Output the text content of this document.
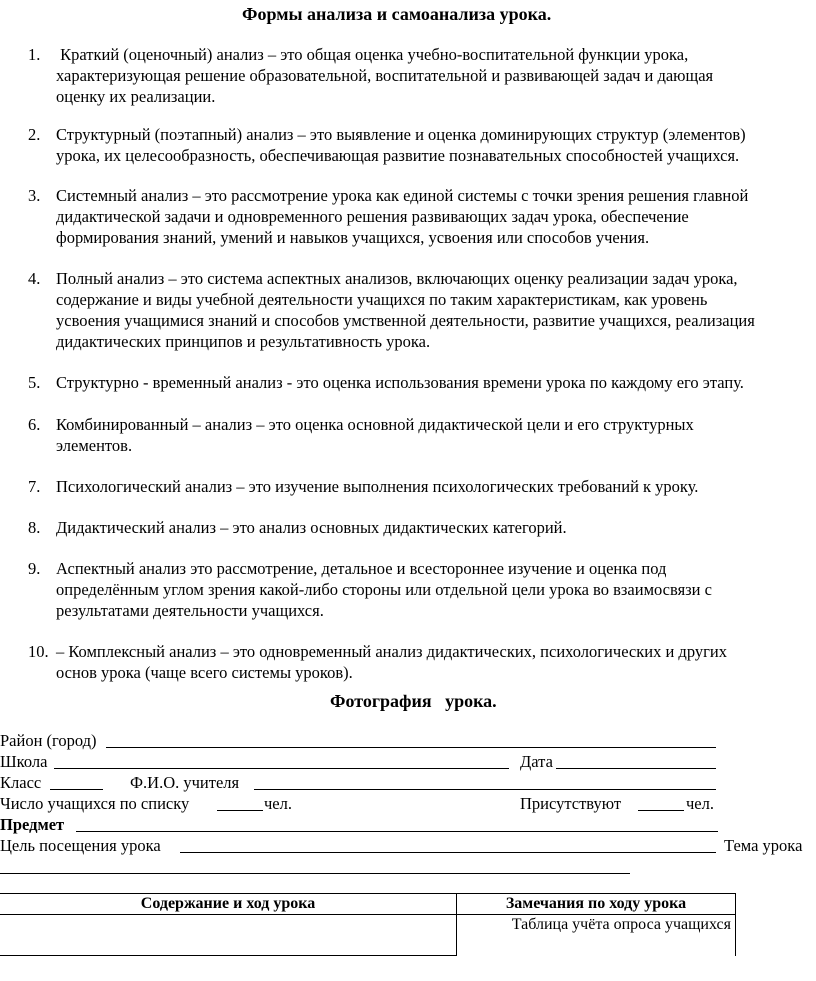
Формы анализа и самоанализа урока.
1. Краткий (оценочный) анализ – это общая оценка учебно-воспитательной функции урока,
характеризующая решение образовательной, воспитательной и развивающей задач и дающая
оценку их реализации.
2. Структурный (поэтапный) анализ – это выявление и оценка доминирующих структур (элементов)
урока, их целесообразность, обеспечивающая развитие познавательных способностей учащихся.
3. Системный анализ – это рассмотрение урока как единой системы с точки зрения решения главной
дидактической задачи и одновременного решения развивающих задач урока, обеспечение
формирования знаний, умений и навыков учащихся, усвоения или способов учения.
4. Полный анализ – это система аспектных анализов, включающих оценку реализации задач урока,
содержание и виды учебной деятельности учащихся по таким характеристикам, как уровень
усвоения учащимися знаний и способов умственной деятельности, развитие учащихся, реализация
дидактических принципов и результативность урока.
5. Структурно - временный анализ - это оценка использования времени урока по каждому его этапу.
6. Комбинированный – анализ – это оценка основной дидактической цели и его структурных
элементов.
7. Психологический анализ – это изучение выполнения психологических требований к уроку.
8. Дидактический анализ – это анализ основных дидактических категорий.
9. Аспектный анализ это рассмотрение, детальное и всестороннее изучение и оценка под
определённым углом зрения какой-либо стороны или отдельной цели урока во взаимосвязи с
результатами деятельности учащихся.
10. – Комплексный анализ – это одновременный анализ дидактических, психологических и других
основ урока (чаще всего системы уроков).
Фотография   урока.
Район (город)
Школа	Дата
Класс	Ф.И.О. учителя
Число учащихся по списку	чел.	Присутствуют	чел.
Предмет
Цель посещения урока	Тема урока
Содержание и ход урока	Замечания по ходу урока
	Таблица учёта опроса учащихся
